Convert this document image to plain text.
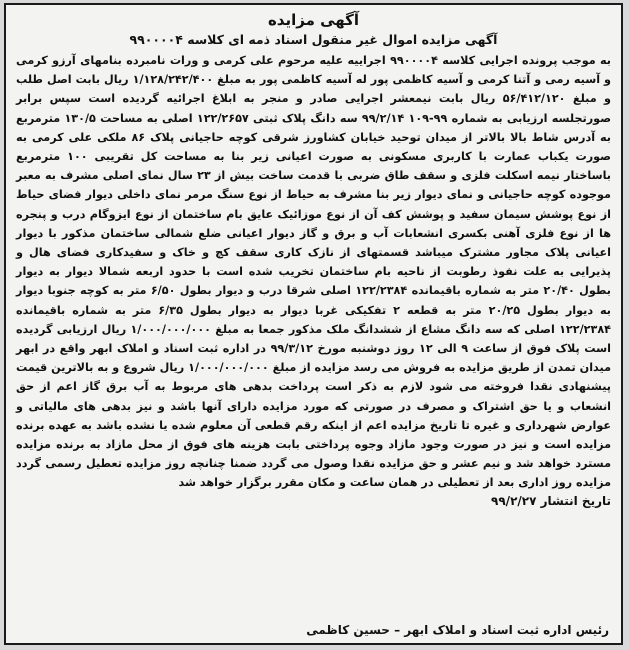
آگهی مزایده
آگهی مزایده اموال غیر منقول اسناد ذمه ای کلاسه ۹۹۰۰۰۰۴

به موجب پرونده اجرایی کلاسه ۹۹۰۰۰۰۴ اجراییه علیه مرحوم علی کرمی و ورات نامبرده بنامهای آرزو کرمی و آسیه رمی و آتنا کرمی و آسیه کاظمی پور له آسیه کاظمی پور به مبلغ ۱/۱۲۸/۲۴۲/۴۰۰ ریال بابت اصل طلب و مبلغ ۵۶/۴۱۲/۱۲۰ ریال بابت نیمعشر اجرایی صادر و منجر به ابلاغ اجرائیه گردیده است سپس برابر صورتجلسه ارزیابی به شماره ۹۹-۱۰۹ ۹۹/۲/۱۴ سه دانگ پلاک ثبتی ۱۲۲/۲۶۵۷ اصلی به مساحت ۱۳۰/۵ مترمربع به آدرس شاط بالا بالاتر از میدان توحید خیابان کشاورز شرقی کوچه حاجیانی پلاک ۸۶ ملکی علی کرمی به صورت یکباب عمارت با کاربری مسکونی به صورت اعیانی زیر بنا به مساحت کل تقریبی ۱۰۰ مترمربع باساختار نیمه اسکلت فلزی و سقف طاق ضربی با قدمت ساخت بیش از ۲۳ سال نمای اصلی مشرف به معبر موجوده کوچه حاجیانی و نمای دیوار زیر بنا مشرف به حیاط از نوع سنگ مرمر نمای داخلی دیوار فضای حیاط از نوع پوشش سیمان سفید و پوشش کف آن از نوع موزائیک عایق بام ساختمان از نوع ایزوگام درب و پنجره ها از نوع فلزی آهنی بکسری انشعابات آب و برق و گاز دیوار اعیانی ضلع شمالی ساختمان مذکور با دیوار اعیانی پلاک مجاور مشترک میباشد قسمتهای از نازک کاری سقف کچ و خاک و سفیدکاری فضای هال و پذیرایی به علت نفوذ رطوبت از ناحیه بام ساختمان تخریب شده است با حدود اربعه شمالا دیوار به دیوار بطول ۲۰/۴۰ متر به شماره باقیمانده ۱۲۲/۲۳۸۴ اصلی شرقا درب و دیوار بطول ۶/۵۰ متر به کوچه جنوبا دیوار به دیوار بطول ۲۰/۲۵ متر به قطعه ۲ تفکیکی غربا دیوار به دیوار بطول ۶/۳۵ متر به شماره باقیمانده ۱۲۲/۲۳۸۴ اصلی که سه دانگ مشاع از ششدانگ ملک مذکور جمعا به مبلغ ۱/۰۰۰/۰۰۰/۰۰۰ ریال ارزیابی گردیده است پلاک فوق از ساعت ۹ الی ۱۲ روز دوشنبه مورخ ۹۹/۳/۱۲ در اداره ثبت اسناد و املاک ابهر واقع در ابهر میدان تمدن از طریق مزایده به فروش می رسد مزایده از مبلغ ۱/۰۰۰/۰۰۰/۰۰۰ ریال شروع و به بالاترین قیمت پیشنهادی نقدا فروخته می شود لازم به ذکر است پرداخت بدهی های مربوط به آب برق گاز اعم از حق انشعاب و یا حق اشتراک و مصرف در صورتی که مورد مزایده دارای آنها باشد و نیز بدهی های مالیاتی و عوارض شهرداری و غیره تا تاریخ مزایده اعم از اینکه رقم قطعی آن معلوم شده یا نشده باشد به عهده برنده مزایده است و نیز در صورت وجود مازاد وجوه پرداختی بابت هزینه های فوق از محل مازاد به برنده مزایده مسترد خواهد شد و نیم عشر و حق مزایده نقدا وصول می گردد ضمنا چنانچه روز مزایده تعطیل رسمی گردد مزایده روز اداری بعد از تعطیلی در همان ساعت و مکان مقرر برگزار خواهد شد

تاریخ انتشار ۹۹/۲/۲۷
رئیس اداره ثبت اسناد و املاک ابهر – حسین کاظمی
